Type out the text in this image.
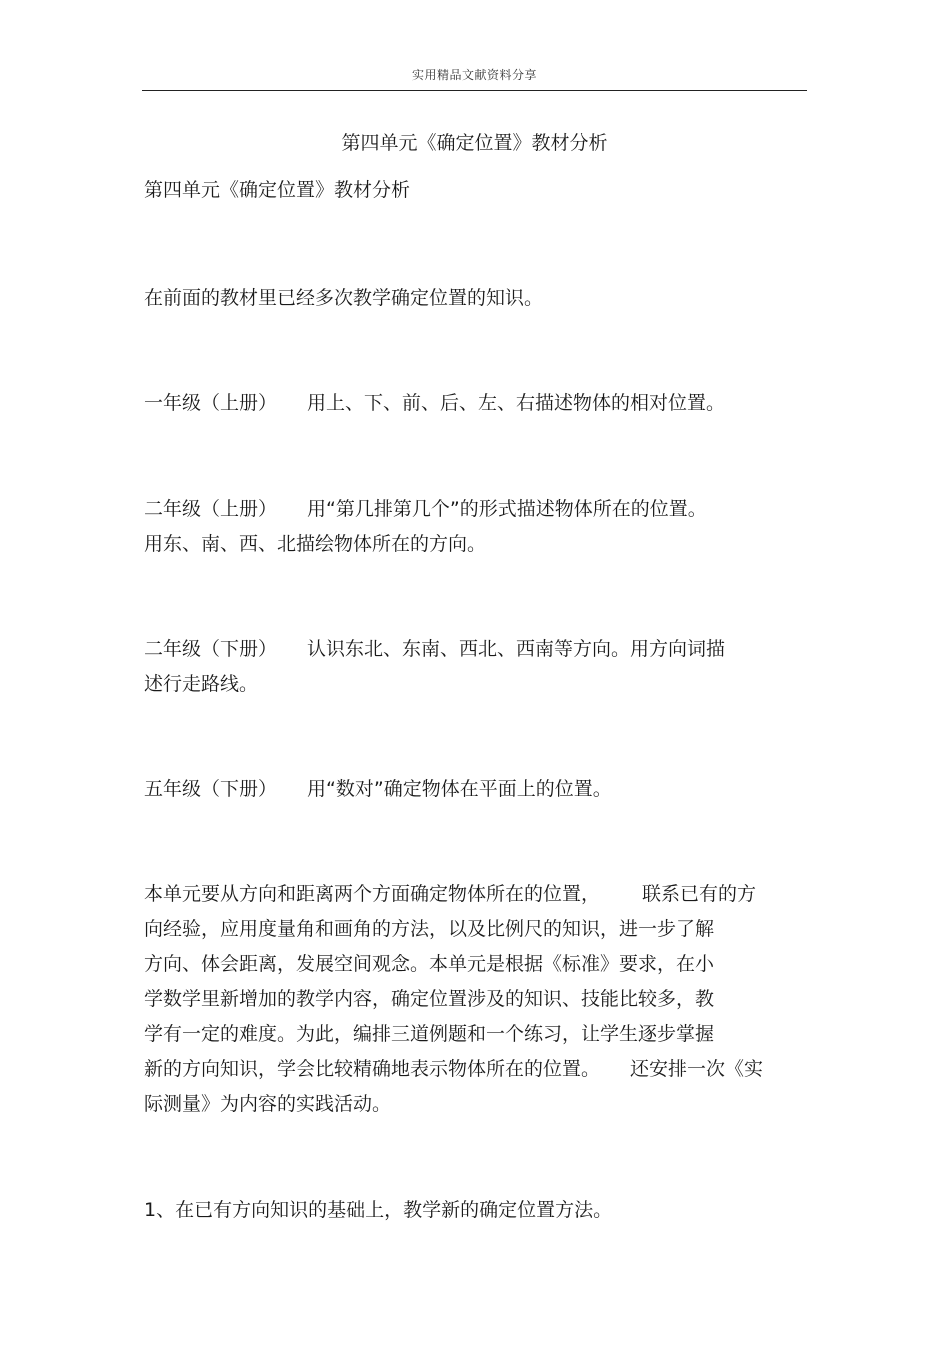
实用精品文献资料分享
第四单元《确定位置》教材分析
第四单元《确定位置》教材分析
在前面的教材里已经多次教学确定位置的知识。
一年级（上册） 用上、下、前、后、左、右描述物体的相对位置。
二年级（上册） 用“第几排第几个”的形式描述物体所在的位置。
用东、南、西、北描绘物体所在的方向。
二年级（下册） 认识东北、东南、西北、西南等方向。用方向词描
述行走路线。
五年级（下册） 用“数对”确定物体在平面上的位置。
本单元要从方向和距离两个方面确定物体所在的位置， 联系已有的方
向经验，应用度量角和画角的方法，以及比例尺的知识，进一步了解
方向、体会距离，发展空间观念。本单元是根据《标准》要求，在小
学数学里新增加的教学内容，确定位置涉及的知识、技能比较多，教
学有一定的难度。为此，编排三道例题和一个练习，让学生逐步掌握
新的方向知识，学会比较精确地表示物体所在的位置。 还安排一次《实
际测量》为内容的实践活动。
1、在已有方向知识的基础上，教学新的确定位置方法。
